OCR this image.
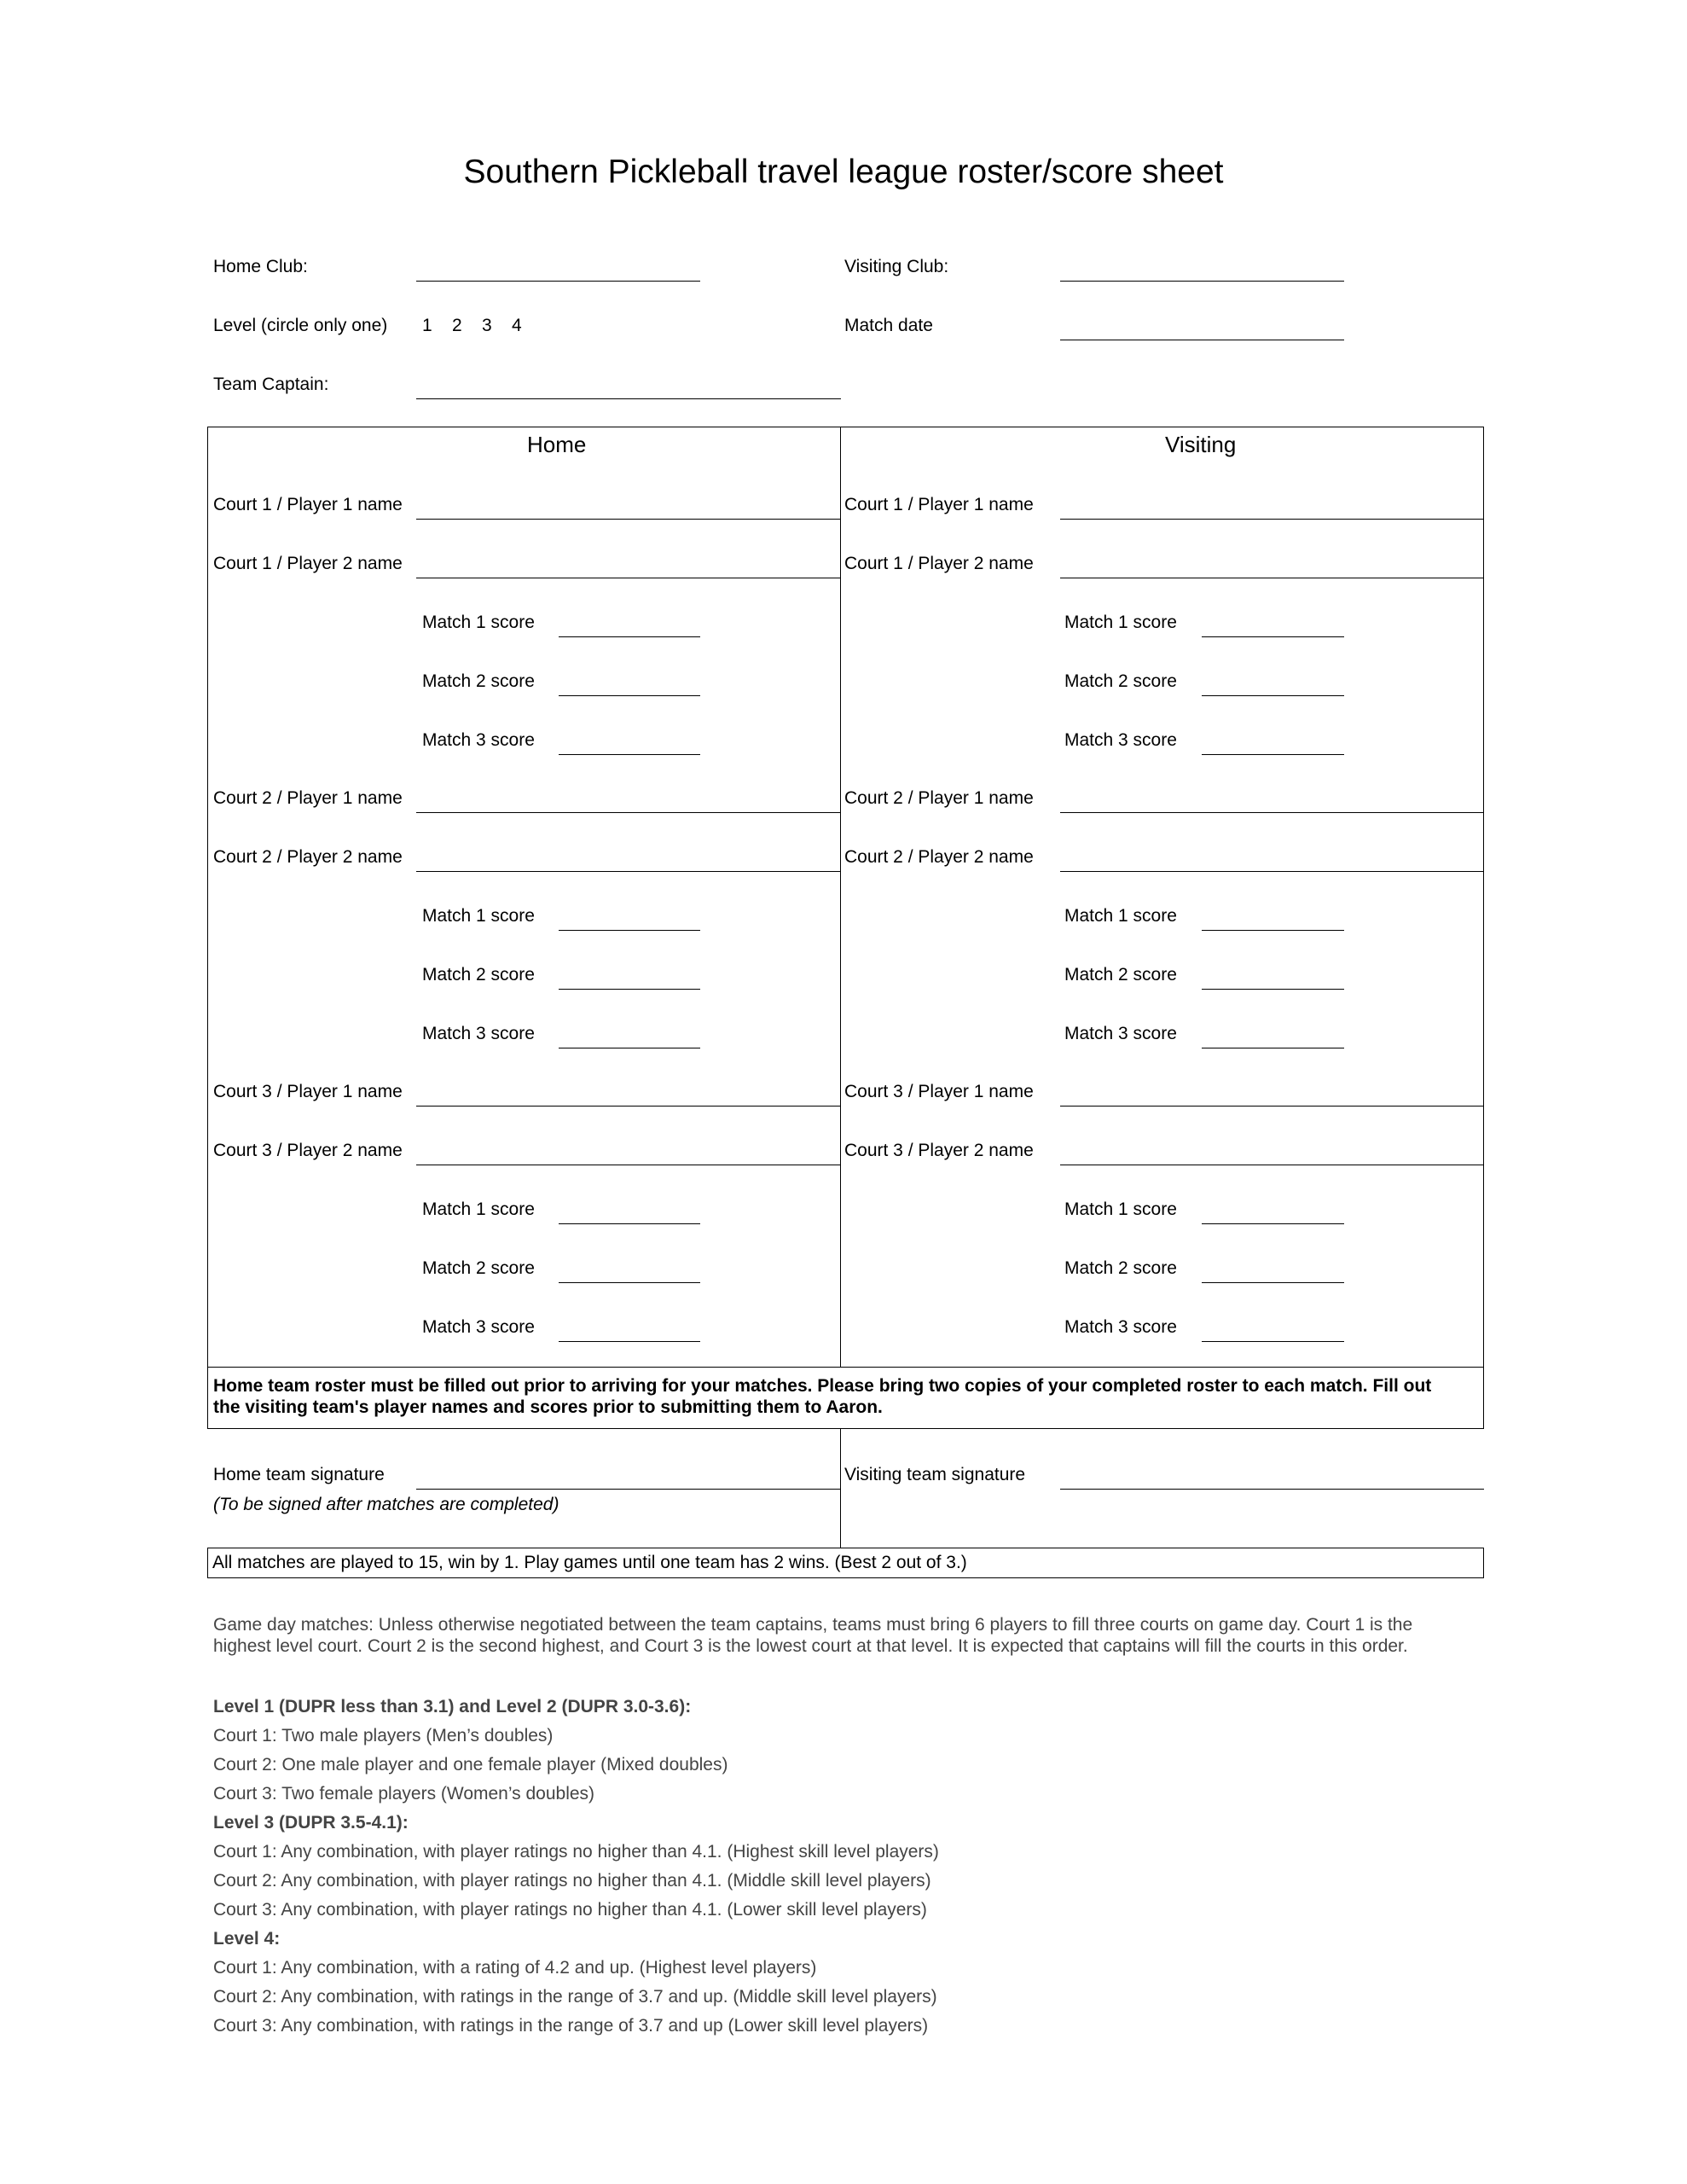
Southern Pickleball travel league roster/score sheet
Home Club:	Visiting Club:
Level (circle only one) 1 2 3 4	Match date
Team Captain:
Home	Visiting
Court 1 / Player 1 name	Court 1 / Player 1 name
Court 1 / Player 2 name	Court 1 / Player 2 name
Match 1 score	Match 1 score
Match 2 score	Match 2 score
Match 3 score	Match 3 score
Court 2 / Player 1 name	Court 2 / Player 1 name
Court 2 / Player 2 name	Court 2 / Player 2 name
Match 1 score	Match 1 score
Match 2 score	Match 2 score
Match 3 score	Match 3 score
Court 3 / Player 1 name	Court 3 / Player 1 name
Court 3 / Player 2 name	Court 3 / Player 2 name
Match 1 score	Match 1 score
Match 2 score	Match 2 score
Match 3 score	Match 3 score
Home team roster must be filled out prior to arriving for your matches. Please bring two copies of your completed roster to each match. Fill out the visiting team's player names and scores prior to submitting them to Aaron.
Home team signature
(To be signed after matches are completed)
Visiting team signature
All matches are played to 15, win by 1. Play games until one team has 2 wins. (Best 2 out of 3.)
Game day matches: Unless otherwise negotiated between the team captains, teams must bring 6 players to fill three courts on game day. Court 1 is the highest level court. Court 2 is the second highest, and Court 3 is the lowest court at that level. It is expected that captains will fill the courts in this order.
Level 1 (DUPR less than 3.1) and Level 2 (DUPR 3.0-3.6):
Court 1: Two male players (Men’s doubles)
Court 2: One male player and one female player (Mixed doubles)
Court 3: Two female players (Women’s doubles)
Level 3 (DUPR 3.5-4.1):
Court 1: Any combination, with player ratings no higher than 4.1. (Highest skill level players)
Court 2: Any combination, with player ratings no higher than 4.1. (Middle skill level players)
Court 3: Any combination, with player ratings no higher than 4.1. (Lower skill level players)
Level 4:
Court 1: Any combination, with a rating of 4.2 and up. (Highest level players)
Court 2: Any combination, with ratings in the range of 3.7 and up. (Middle skill level players)
Court 3: Any combination, with ratings in the range of 3.7 and up (Lower skill level players)
